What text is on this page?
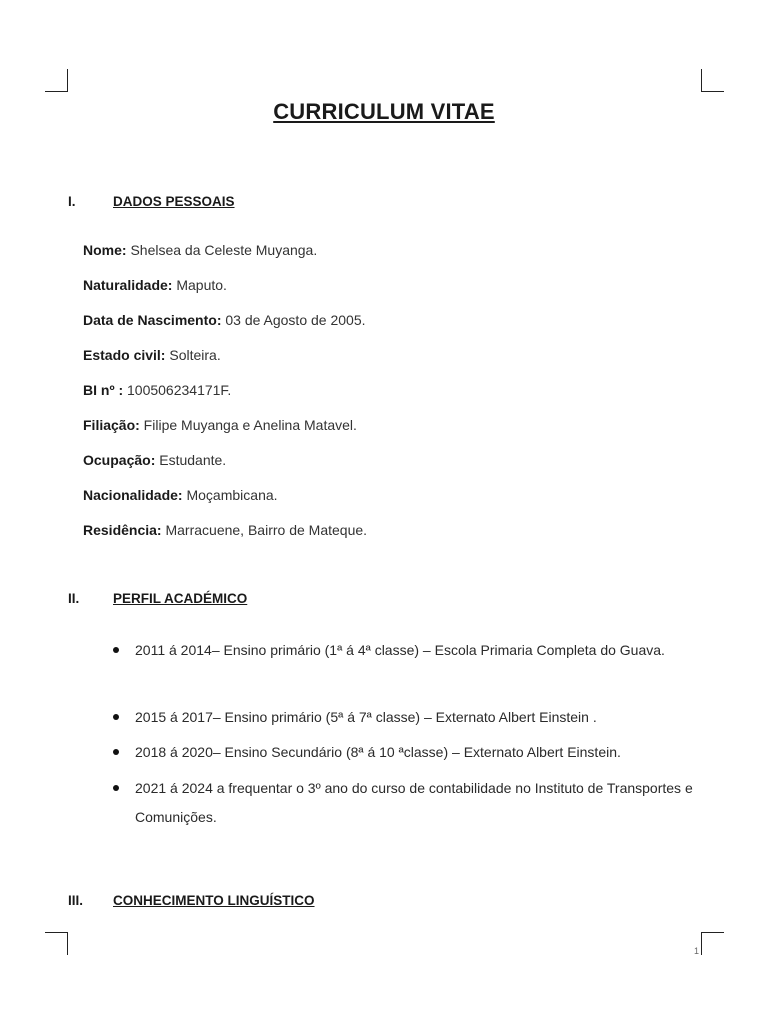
CURRICULUM VITAE
I.	DADOS PESSOAIS
Nome: Shelsea da Celeste Muyanga.
Naturalidade: Maputo.
Data de Nascimento: 03 de Agosto de 2005.
Estado civil: Solteira.
BI nº : 100506234171F.
Filiação: Filipe Muyanga e Anelina Matavel.
Ocupação: Estudante.
Nacionalidade: Moçambicana.
Residência: Marracuene, Bairro de Mateque.
II. PERFIL ACADÉMICO
2011 á 2014– Ensino primário (1ª á 4ª classe) – Escola Primaria Completa do Guava.
2015 á 2017– Ensino primário (5ª á 7ª classe) – Externato Albert Einstein .
2018 á 2020– Ensino Secundário (8ª á 10 ªclasse) – Externato Albert Einstein.
2021 á 2024 a frequentar o 3º ano do curso de contabilidade no Instituto de Transportes e Comunições.
III. CONHECIMENTO LINGUÍSTICO
1
